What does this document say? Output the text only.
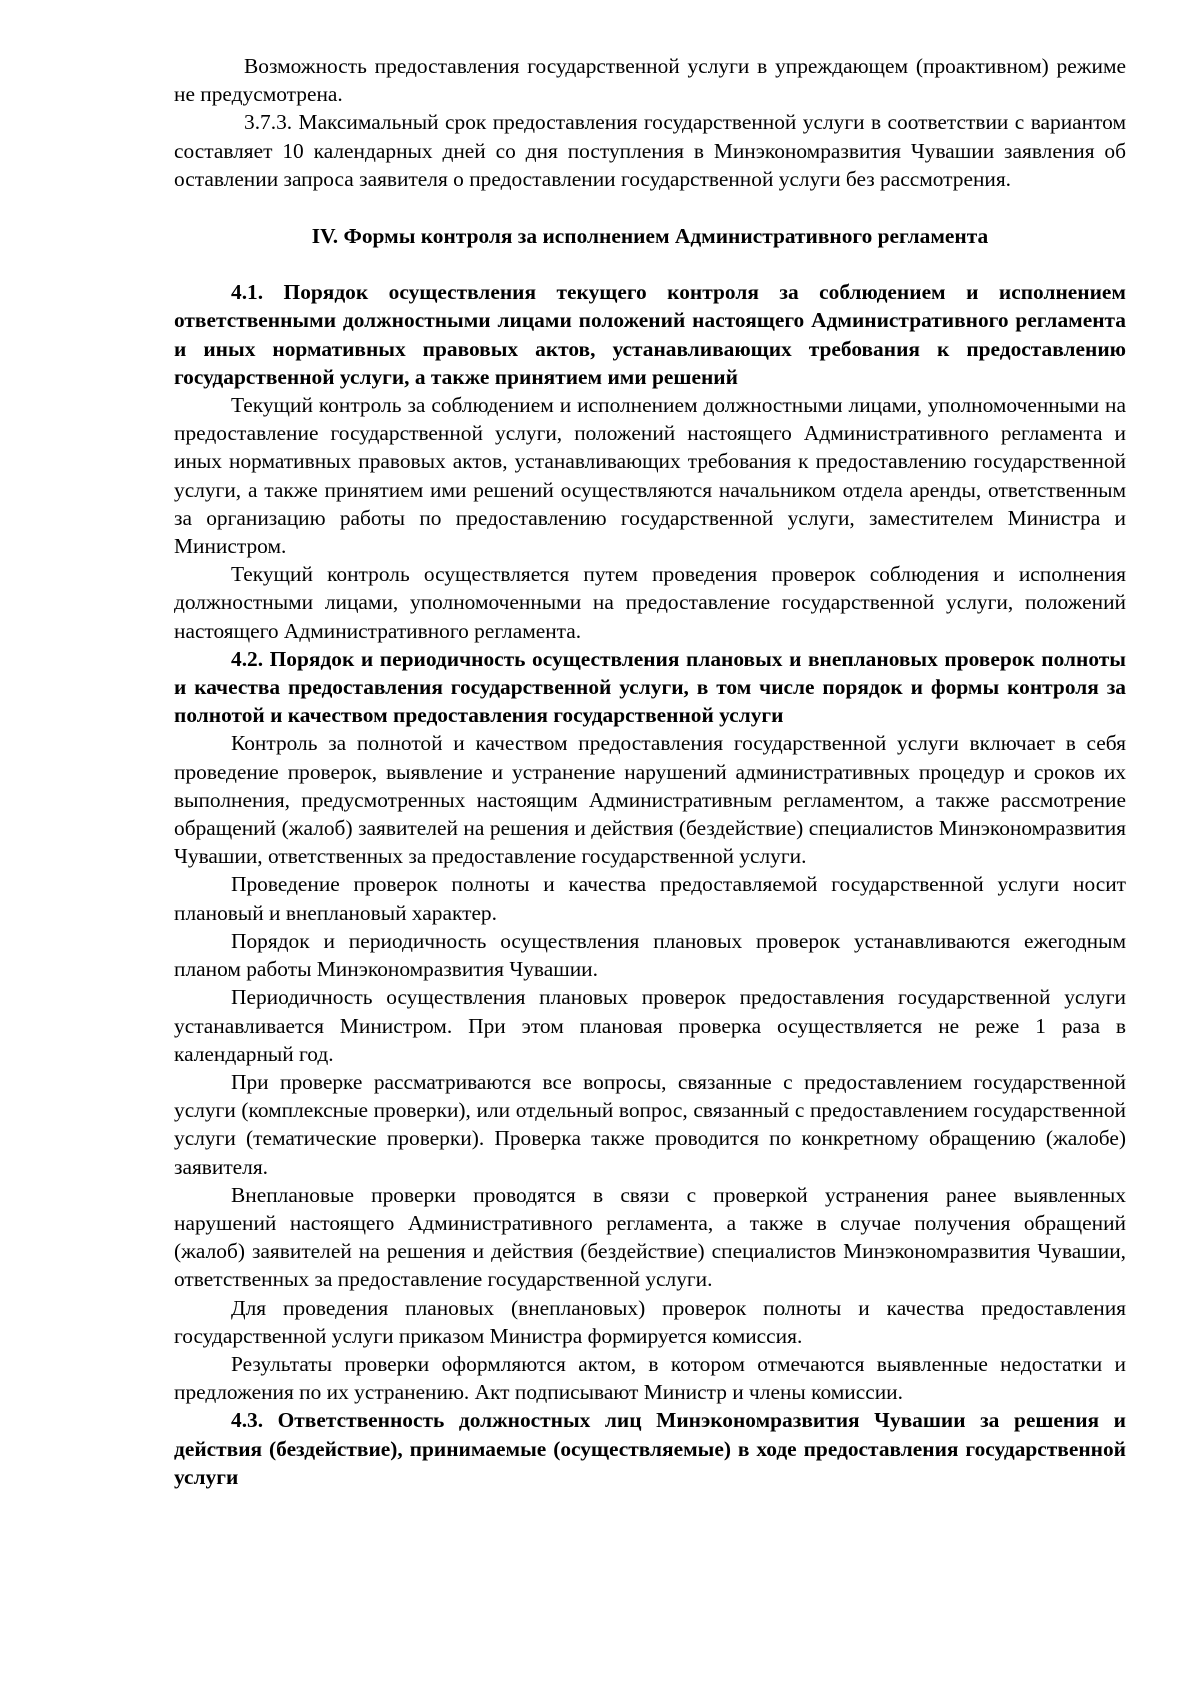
Возможность предоставления государственной услуги в упреждающем (проактивном) режиме не предусмотрена.

3.7.3. Максимальный срок предоставления государственной услуги в соответствии с вариантом составляет 10 календарных дней со дня поступления в Минэкономразвития Чувашии заявления об оставлении запроса заявителя о предоставлении государственной услуги без рассмотрения.

IV. Формы контроля за исполнением Административного регламента

4.1. Порядок осуществления текущего контроля за соблюдением и исполнением ответственными должностными лицами положений настоящего Административного регламента и иных нормативных правовых актов, устанавливающих требования к предоставлению государственной услуги, а также принятием ими решений

Текущий контроль за соблюдением и исполнением должностными лицами, уполномоченными на предоставление государственной услуги, положений настоящего Административного регламента и иных нормативных правовых актов, устанавливающих требования к предоставлению государственной услуги, а также принятием ими решений осуществляются начальником отдела аренды, ответственным за организацию работы по предоставлению государственной услуги, заместителем Министра и Министром.

Текущий контроль осуществляется путем проведения проверок соблюдения и исполнения должностными лицами, уполномоченными на предоставление государственной услуги, положений настоящего Административного регламента.

4.2. Порядок и периодичность осуществления плановых и внеплановых проверок полноты и качества предоставления государственной услуги, в том числе порядок и формы контроля за полнотой и качеством предоставления государственной услуги

Контроль за полнотой и качеством предоставления государственной услуги включает в себя проведение проверок, выявление и устранение нарушений административных процедур и сроков их выполнения, предусмотренных настоящим Административным регламентом, а также рассмотрение обращений (жалоб) заявителей на решения и действия (бездействие) специалистов Минэкономразвития Чувашии, ответственных за предоставление государственной услуги.

Проведение проверок полноты и качества предоставляемой государственной услуги носит плановый и внеплановый характер.

Порядок и периодичность осуществления плановых проверок устанавливаются ежегодным планом работы Минэкономразвития Чувашии.

Периодичность осуществления плановых проверок предоставления государственной услуги устанавливается Министром. При этом плановая проверка осуществляется не реже 1 раза в календарный год.

При проверке рассматриваются все вопросы, связанные с предоставлением государственной услуги (комплексные проверки), или отдельный вопрос, связанный с предоставлением государственной услуги (тематические проверки). Проверка также проводится по конкретному обращению (жалобе) заявителя.

Внеплановые проверки проводятся в связи с проверкой устранения ранее выявленных нарушений настоящего Административного регламента, а также в случае получения обращений (жалоб) заявителей на решения и действия (бездействие) специалистов Минэкономразвития Чувашии, ответственных за предоставление государственной услуги.

Для проведения плановых (внеплановых) проверок полноты и качества предоставления государственной услуги приказом Министра формируется комиссия.

Результаты проверки оформляются актом, в котором отмечаются выявленные недостатки и предложения по их устранению. Акт подписывают Министр и члены комиссии.

4.3. Ответственность должностных лиц Минэкономразвития Чувашии за решения и действия (бездействие), принимаемые (осуществляемые) в ходе предоставления государственной услуги
